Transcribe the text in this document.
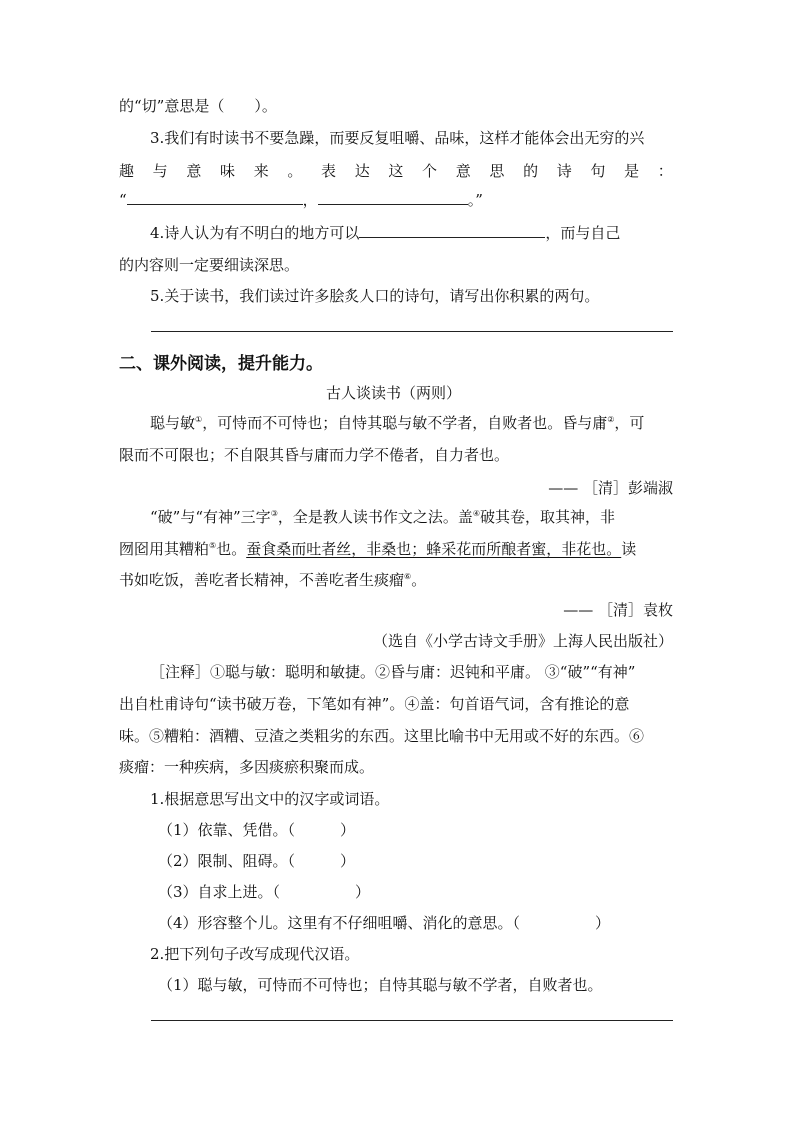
的“切”意思是（　　）。
3.我们有时读书不要急躁，而要反复咀嚼、品味，这样才能体会出无穷的兴
趣 与 意 味 来 。 表 达 这 个 意 思 的 诗 句 是 ：
“	，	。”
4.诗人认为有不明白的地方可以	，而与自己
的内容则一定要细读深思。
5.关于读书，我们读过许多脍炙人口的诗句，请写出你积累的两句。
二、课外阅读，提升能力。
古人谈读书（两则）
聪与敏①，可恃而不可恃也；自恃其聪与敏不学者，自败者也。昏与庸②，可
限而不可限也；不自限其昏与庸而力学不倦者，自力者也。
—— ［清］彭端淑
“破”与“有神”三字③，全是教人读书作文之法。盖④破其卷，取其神，非
囫囵用其糟粕⑤也。蚕食桑而吐者丝，非桑也；蜂采花而所酿者蜜，非花也。读
书如吃饭，善吃者长精神，不善吃者生痰瘤⑥。
—— ［清］袁枚
（选自《小学古诗文手册》上海人民出版社）
［注释］①聪与敏：聪明和敏捷。②昏与庸：迟钝和平庸。 ③“破”“有神”
出自杜甫诗句“读书破万卷，下笔如有神”。④盖：句首语气词，含有推论的意
味。⑤糟粕：酒糟、豆渣之类粗劣的东西。这里比喻书中无用或不好的东西。⑥
痰瘤：一种疾病，多因痰瘀积聚而成。
1.根据意思写出文中的汉字或词语。
（1）依靠、凭借。（　　　）
（2）限制、阻碍。（　　　）
（3）自求上进。（　　　　　）
（4）形容整个儿。这里有不仔细咀嚼、消化的意思。（　　　　　）
2.把下列句子改写成现代汉语。
（1）聪与敏，可恃而不可恃也；自恃其聪与敏不学者，自败者也。
